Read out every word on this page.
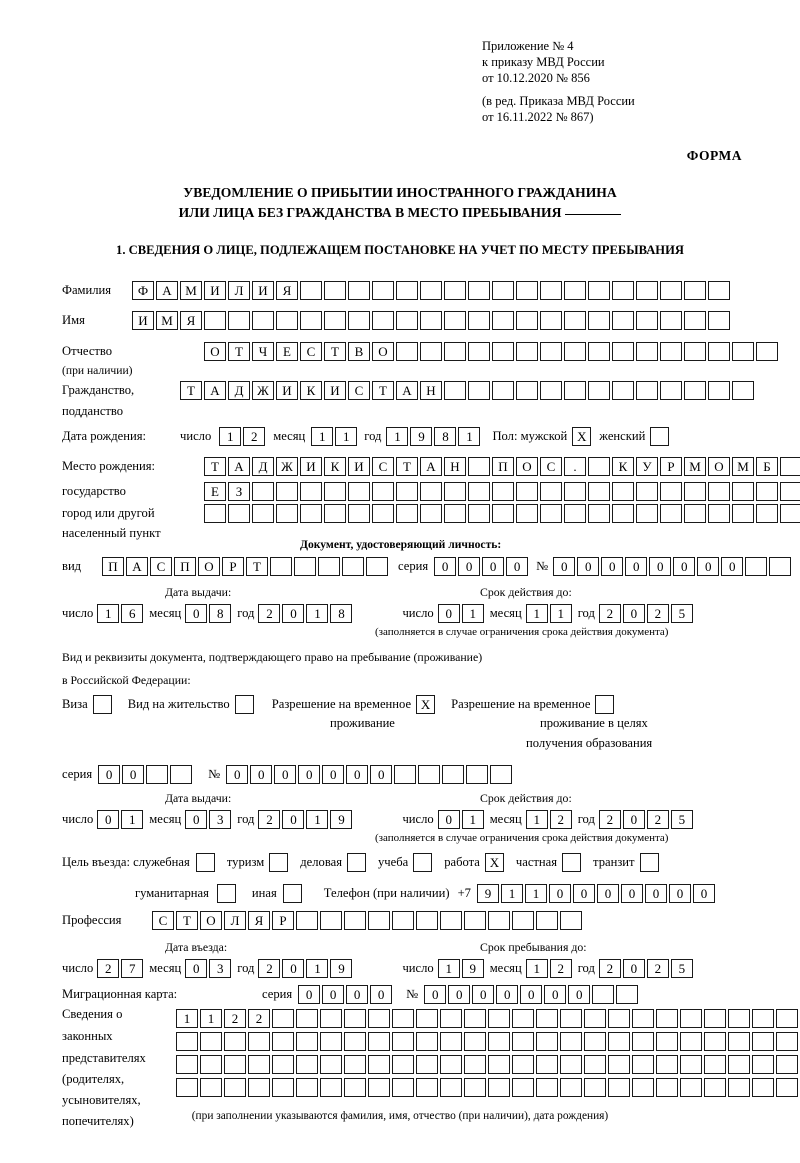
Приложение № 4
к приказу МВД России
от 10.12.2020 № 856
(в ред. Приказа МВД России
от 16.11.2022 № 867)
ФОРМА
УВЕДОМЛЕНИЕ О ПРИБЫТИИ ИНОСТРАННОГО ГРАЖДАНИНА
ИЛИ ЛИЦА БЕЗ ГРАЖДАНСТВА В МЕСТО ПРЕБЫВАНИЯ
1. СВЕДЕНИЯ О ЛИЦЕ, ПОДЛЕЖАЩЕМ ПОСТАНОВКЕ НА УЧЕТ ПО МЕСТУ ПРЕБЫВАНИЯ
Фамилия	Ф	А	М	И	Л	И	Я
Имя	И	М	Я
Отчество	О	Т	Ч	Е	С	Т	В	О
(при наличии)
Гражданство,	Т	А	Д	Ж	И	К	И	С	Т	А	Н
подданство
Дата рождения:	число	1	2	месяц	1	1	год 1	9	8	1	Пол: мужской Х	женский
Место рождения:	Т	А	Д	Ж	И	К	И	С	Т	А	Н	П	О	С	.	К	У	Р	М	О	М	Б
государство	Е	З
город или другой
населенный пункт
Документ, удостоверяющий личность:
вид	П	А	С	П	О	Р	Т	серия	0	0	0	0	№ 0	0	0	0	0	0	0	0
Дата выдачи:	Срок действия до:
число 1	6	месяц 0	8	год 2	0	1	8	число 0	1	месяц 1	1	год 2	0	2	5
(заполняется в случае ограничения срока действия документа)
Вид и реквизиты документа, подтверждающего право на пребывание (проживание)
в Российской Федерации:
Виза	Вид на жительство	Разрешение на временное Х	Разрешение на временное
проживание	проживание в целях
получения образования
серия	0	0	№	0	0	0	0	0	0	0
Дата выдачи:	Срок действия до:
число 0	1	месяц 0	3	год 2	0	1	9	число 0	1	месяц 1	2	год 2	0	2	5
(заполняется в случае ограничения срока действия документа)
Цель въезда: служебная	туризм	деловая	учеба	работа Х	частная	транзит
гуманитарная	иная	Телефон (при наличии) +7	9	1	1	0	0	0	0	0	0	0
Профессия	С	Т	О	Л	Я	Р
Дата въезда:	Срок пребывания до:
число 2	7	месяц 0	3	год 2	0	1	9	число 1	9	месяц 1	2	год 2	0	2	5
Миграционная карта:	серия	0	0	0	0	№	0	0	0	0	0	0	0
Сведения о
законных
представителях
(родителях,
усыновителях,
попечителях)
1	1	2	2
(при заполнении указываются фамилия, имя, отчество (при наличии), дата рождения)
